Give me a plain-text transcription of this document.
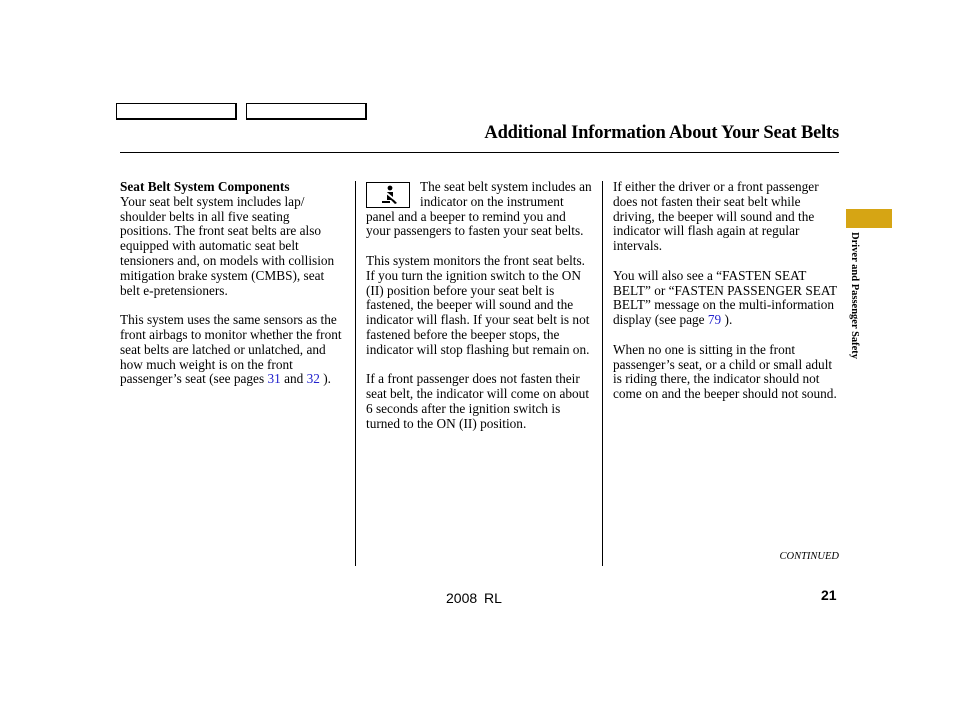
Additional Information About Your Seat Belts
Seat Belt System Components

Your seat belt system includes lap/ shoulder belts in all five seating positions. The front seat belts are also equipped with automatic seat belt tensioners and, on models with collision mitigation brake system (CMBS), seat belt e-pretensioners.

This system uses the same sensors as the front airbags to monitor whether the front seat belts are latched or unlatched, and how much weight is on the front passenger’s seat (see pages 31 and 32 ).

The seat belt system includes an indicator on the instrument panel and a beeper to remind you and your passengers to fasten your seat belts.

This system monitors the front seat belts. If you turn the ignition switch to the ON (II) position before your seat belt is fastened, the beeper will sound and the indicator will flash. If your seat belt is not fastened before the beeper stops, the indicator will stop flashing but remain on.

If a front passenger does not fasten their seat belt, the indicator will come on about 6 seconds after the ignition switch is turned to the ON (II) position.

If either the driver or a front passenger does not fasten their seat belt while driving, the beeper will sound and the indicator will flash again at regular intervals.

You will also see a “FASTEN SEAT BELT” or “FASTEN PASSENGER SEAT BELT” message on the multi-information display (see page 79 ).

When no one is sitting in the front passenger’s seat, or a child or small adult is riding there, the indicator should not come on and the beeper should not sound.

Driver and Passenger Safety
CONTINUED
2008 RL	21
